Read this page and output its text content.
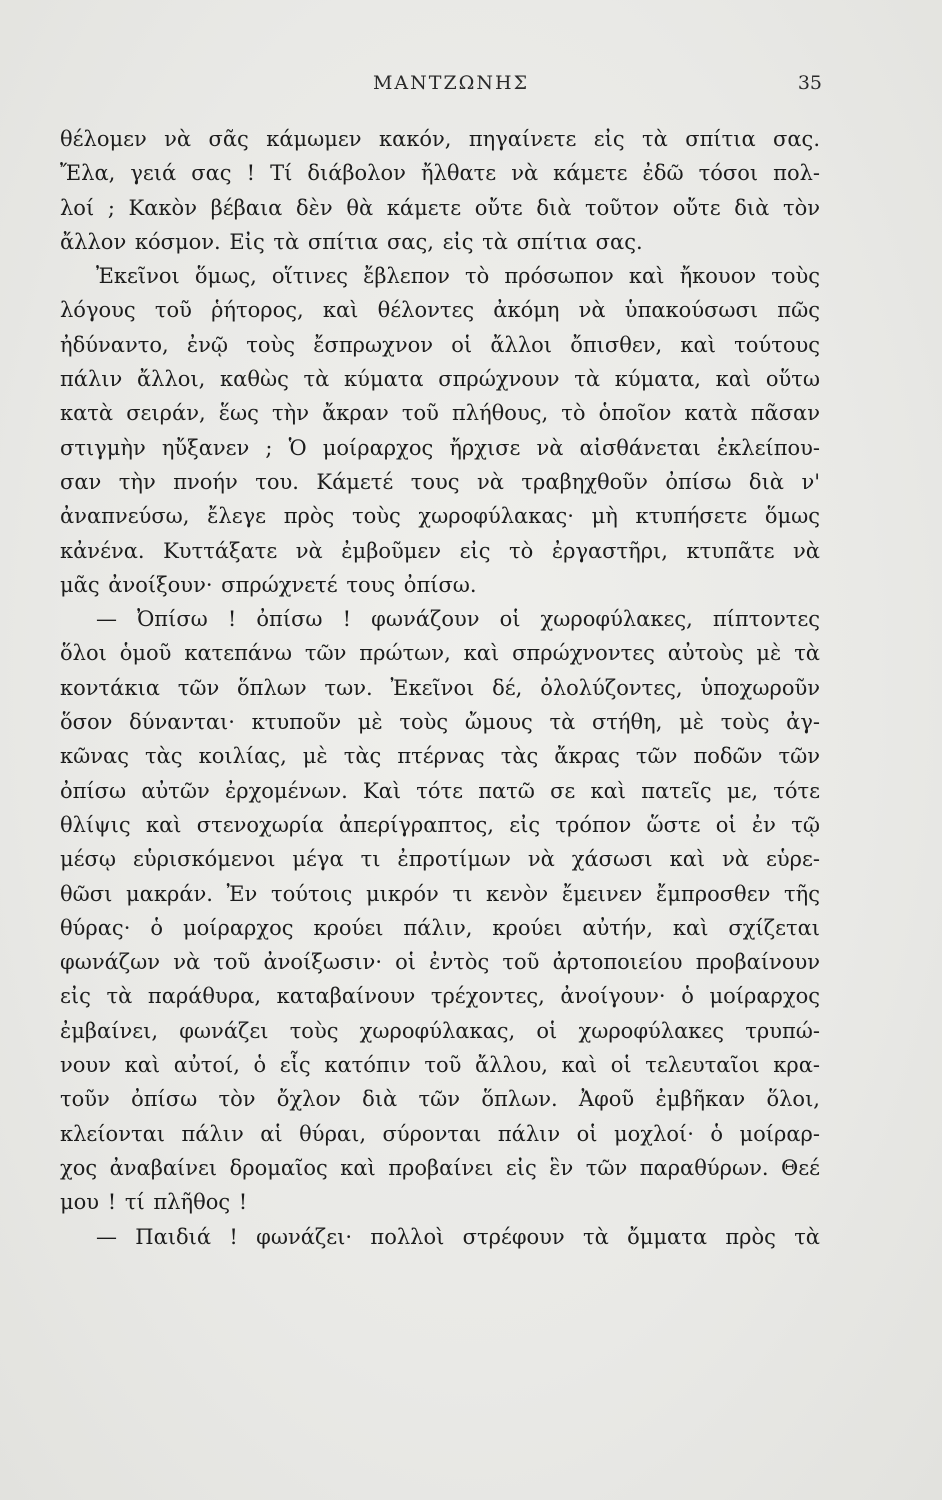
ΜΑΝΤΖΩΝΗΣ	35
θέλομεν νὰ σᾶς κάμωμεν κακόν, πηγαίνετε εἰς τὰ σπίτια σας.
Ἔλα, γειά σας ! Τί διάβολον ἤλθατε νὰ κάμετε ἐδῶ τόσοι πολ-
λοί ; Κακὸν βέβαια δὲν θὰ κάμετε οὔτε διὰ τοῦτον οὔτε διὰ τὸν
ἄλλον κόσμον. Εἰς τὰ σπίτια σας, εἰς τὰ σπίτια σας.
Ἐκεῖνοι ὅμως, οἵτινες ἔβλεπον τὸ πρόσωπον καὶ ἤκουον τοὺς
λόγους τοῦ ῥήτορος, καὶ θέλοντες ἀκόμη νὰ ὑπακούσωσι πῶς
ἠδύναντο, ἐνῷ τοὺς ἔσπρωχνον οἱ ἄλλοι ὄπισθεν, καὶ τούτους
πάλιν ἄλλοι, καθὼς τὰ κύματα σπρώχνουν τὰ κύματα, καὶ οὕτω
κατὰ σειράν, ἕως τὴν ἄκραν τοῦ πλήθους, τὸ ὁποῖον κατὰ πᾶσαν
στιγμὴν ηὔξανεν ; Ὁ μοίραρχος ἤρχισε νὰ αἰσθάνεται ἐκλείπου-
σαν τὴν πνοήν του. Κάμετέ τους νὰ τραβηχθοῦν ὀπίσω διὰ ν'
ἀναπνεύσω, ἔλεγε πρὸς τοὺς χωροφύλακας· μὴ κτυπήσετε ὅμως
κἀνένα. Κυττάξατε νὰ ἐμβοῦμεν εἰς τὸ ἐργαστῆρι, κτυπᾶτε νὰ
μᾶς ἀνοίξουν· σπρώχνετέ τους ὀπίσω.
— Ὀπίσω ! ὀπίσω ! φωνάζουν οἱ χωροφύλακες, πίπτοντες
ὅλοι ὁμοῦ κατεπάνω τῶν πρώτων, καὶ σπρώχνοντες αὐτοὺς μὲ τὰ
κοντάκια τῶν ὅπλων των. Ἐκεῖνοι δέ, ὀλολύζοντες, ὑποχωροῦν
ὅσον δύνανται· κτυποῦν μὲ τοὺς ὤμους τὰ στήθη, μὲ τοὺς ἀγ-
κῶνας τὰς κοιλίας, μὲ τὰς πτέρνας τὰς ἄκρας τῶν ποδῶν τῶν
ὀπίσω αὐτῶν ἐρχομένων. Καὶ τότε πατῶ σε καὶ πατεῖς με, τότε
θλίψις καὶ στενοχωρία ἀπερίγραπτος, εἰς τρόπον ὥστε οἱ ἐν τῷ
μέσῳ εὑρισκόμενοι μέγα τι ἐπροτίμων νὰ χάσωσι καὶ νὰ εὑρε-
θῶσι μακράν. Ἐν τούτοις μικρόν τι κενὸν ἔμεινεν ἔμπροσθεν τῆς
θύρας· ὁ μοίραρχος κρούει πάλιν, κρούει αὐτήν, καὶ σχίζεται
φωνάζων νὰ τοῦ ἀνοίξωσιν· οἱ ἐντὸς τοῦ ἀρτοποιείου προβαίνουν
εἰς τὰ παράθυρα, καταβαίνουν τρέχοντες, ἀνοίγουν· ὁ μοίραρχος
ἐμβαίνει, φωνάζει τοὺς χωροφύλακας, οἱ χωροφύλακες τρυπώ-
νουν καὶ αὐτοί, ὁ εἷς κατόπιν τοῦ ἄλλου, καὶ οἱ τελευταῖοι κρα-
τοῦν ὀπίσω τὸν ὄχλον διὰ τῶν ὅπλων. Ἀφοῦ ἐμβῆκαν ὅλοι,
κλείονται πάλιν αἱ θύραι, σύρονται πάλιν οἱ μοχλοί· ὁ μοίραρ-
χος ἀναβαίνει δρομαῖος καὶ προβαίνει εἰς ἓν τῶν παραθύρων. Θεέ
μου ! τί πλῆθος !
— Παιδιά ! φωνάζει· πολλοὶ στρέφουν τὰ ὄμματα πρὸς τὰ
